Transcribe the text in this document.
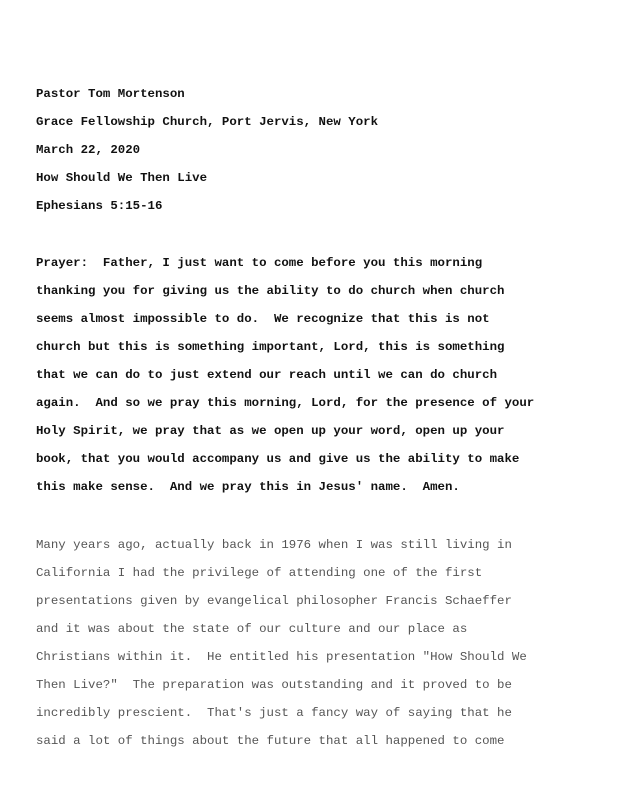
Pastor Tom Mortenson

Grace Fellowship Church, Port Jervis, New York

March 22, 2020

How Should We Then Live

Ephesians 5:15-16

Prayer:  Father, I just want to come before you this morning

thanking you for giving us the ability to do church when church

seems almost impossible to do.  We recognize that this is not

church but this is something important, Lord, this is something

that we can do to just extend our reach until we can do church

again.  And so we pray this morning, Lord, for the presence of your

Holy Spirit, we pray that as we open up your word, open up your

book, that you would accompany us and give us the ability to make

this make sense.  And we pray this in Jesus' name.  Amen.

Many years ago, actually back in 1976 when I was still living in

California I had the privilege of attending one of the first

presentations given by evangelical philosopher Francis Schaeffer

and it was about the state of our culture and our place as

Christians within it.  He entitled his presentation "How Should We

Then Live?"  The preparation was outstanding and it proved to be

incredibly prescient.  That's just a fancy way of saying that he

said a lot of things about the future that all happened to come
